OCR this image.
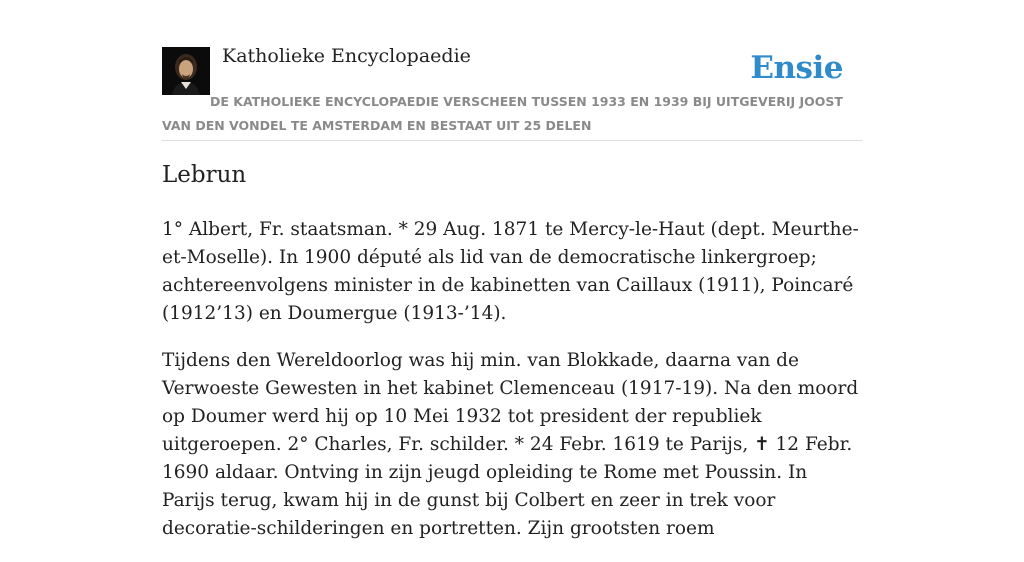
Katholieke Encyclopaedie	Ensie
DE KATHOLIEKE ENCYCLOPAEDIE VERSCHEEN TUSSEN 1933 EN 1939 BIJ UITGEVERIJ JOOST VAN DEN VONDEL TE AMSTERDAM EN BESTAAT UIT 25 DELEN
Lebrun

1° Albert, Fr. staatsman. * 29 Aug. 1871 te Mercy-le-Haut (dept. Meurthe-et-Moselle). In 1900 député als lid van de democratische linkergroep; achtereenvolgens minister in de kabinetten van Caillaux (1911), Poincaré (1912’13) en Doumergue (1913-’14).

Tijdens den Wereldoorlog was hij min. van Blokkade, daarna van de Verwoeste Gewesten in het kabinet Clemenceau (1917-19). Na den moord op Doumer werd hij op 10 Mei 1932 tot president der republiek uitgeroepen. 2° Charles, Fr. schilder. * 24 Febr. 1619 te Parijs, ✝ 12 Febr. 1690 aldaar. Ontving in zijn jeugd opleiding te Rome met Poussin. In Parijs terug, kwam hij in de gunst bij Colbert en zeer in trek voor decoratie-schilderingen en portretten. Zijn grootsten roem
